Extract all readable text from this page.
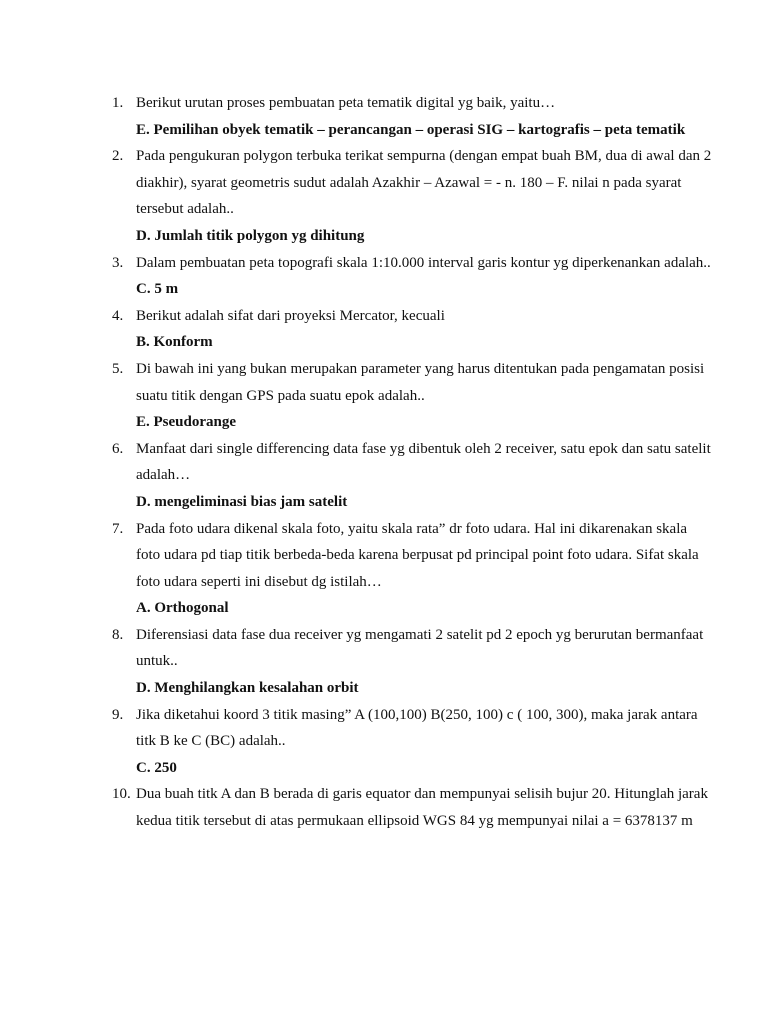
1. Berikut urutan proses pembuatan peta tematik digital yg baik, yaitu…

E. Pemilihan obyek tematik – perancangan – operasi SIG – kartografis – peta tematik

2. Pada pengukuran polygon terbuka terikat sempurna (dengan empat buah BM, dua di awal dan 2 diakhir), syarat geometris sudut adalah Azakhir – Azawal = - n. 180 – F. nilai n pada syarat tersebut adalah..

D. Jumlah titik polygon yg dihitung

3. Dalam pembuatan peta topografi skala 1:10.000 interval garis kontur yg diperkenankan adalah..

C. 5 m

4. Berikut adalah sifat dari proyeksi Mercator, kecuali

B. Konform

5. Di bawah ini yang bukan merupakan parameter yang harus ditentukan pada pengamatan posisi suatu titik dengan GPS pada suatu epok adalah..

E. Pseudorange

6. Manfaat dari single differencing data fase yg dibentuk oleh 2 receiver, satu epok dan satu satelit adalah…

D. mengeliminasi bias jam satelit

7. Pada foto udara dikenal skala foto, yaitu skala rata” dr foto udara. Hal ini dikarenakan skala foto udara pd tiap titik berbeda-beda karena berpusat pd principal point foto udara. Sifat skala foto udara seperti ini disebut dg istilah…

A. Orthogonal

8. Diferensiasi data fase dua receiver yg mengamati 2 satelit pd 2 epoch yg berurutan bermanfaat untuk..

D. Menghilangkan kesalahan orbit

9. Jika diketahui koord 3 titik masing” A (100,100) B(250, 100) c ( 100, 300), maka jarak antara titk B ke C (BC) adalah..

C. 250

10. Dua buah titk A dan B berada di garis equator dan mempunyai selisih bujur 20. Hitunglah jarak kedua titik tersebut di atas permukaan ellipsoid WGS 84 yg mempunyai nilai a = 6378137 m
